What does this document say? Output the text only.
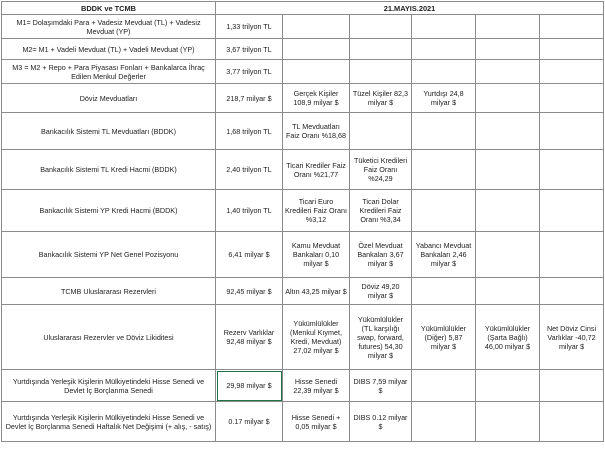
BDDK ve TCMB	21.MAYIS.2021					
M1= Dolaşımdaki Para + Vadesiz Mevduat (TL) + Vadesiz Mevduat (YP)	1,33 trilyon TL					
M2= M1 + Vadeli Mevduat (TL) + Vadeli Mevduat (YP)	3,67 trilyon TL					
M3 = M2 + Repo + Para Piyasası Fonları + Bankalarca İhraç Edilen Menkul Değerler	3,77 trilyon TL					
Döviz Mevduatları	218,7 milyar $	Gerçek Kişiler 108,9 milyar $	Tüzel Kişiler 82,3 milyar $	Yurtdışı 24,8 milyar $		
Bankacılık Sistemi TL Mevduatları (BDDK)	1,68 trilyon TL	TL Mevduatları Faiz Oranı %18,68				
Bankacılık Sistemi TL Kredi Hacmi (BDDK)	2,40 trilyon TL	Ticari Krediler Faiz Oranı %21,77	Tüketici Kredileri Faiz Oranı %24,29			
Bankacılık Sistemi YP Kredi Hacmi (BDDK)	1,40 trilyon TL	Ticari Euro Kredileri Faiz Oranı %3,12	Ticari Dolar Kredileri Faiz Oranı %3,34			
Bankacılık Sistemi YP Net Genel Pozisyonu	6,41 milyar $	Kamu Mevduat Bankaları 0,10 milyar $	Özel Mevduat Bankaları 3,67 milyar $	Yabancı Mevduat Bankaları 2,46 milyar $		
TCMB Uluslararası Rezervleri	92,45 milyar $	Altın 43,25 milyar $	Döviz 49,20 milyar $			
Uluslararası Rezervler ve Döviz Likiditesi	Rezerv Varlıklar 92,48 milyar $	Yükümlülükler (Menkul Kıymet, Kredi, Mevduat) 27,02 milyar $	Yükümlülükler (TL karşılığı swap, forward, futures) 54,30 milyar $	Yükümlülükler (Diğer) 5,87 milyar $	Yükümlülükler (Şarta Bağlı) 46,00 milyar $	Net Döviz Cinsi Varlıklar -40,72 milyar $
Yurtdışında Yerleşik Kişilerin Mülkiyetindeki Hisse Senedi ve Devlet İç Borçlanma Senedi	29,98 milyar $	Hisse Senedi 22,39 milyar $	DIBS 7,59 milyar $			
Yurtdışında Yerleşik Kişilerin Mülkiyetindeki Hisse Senedi ve Devlet İç Borçlanma Senedi Haftalık Net Değişimi (+ alış, - satış)	0.17 milyar $	Hisse Senedi + 0,05 milyar $	DIBS 0.12 milyar $			
